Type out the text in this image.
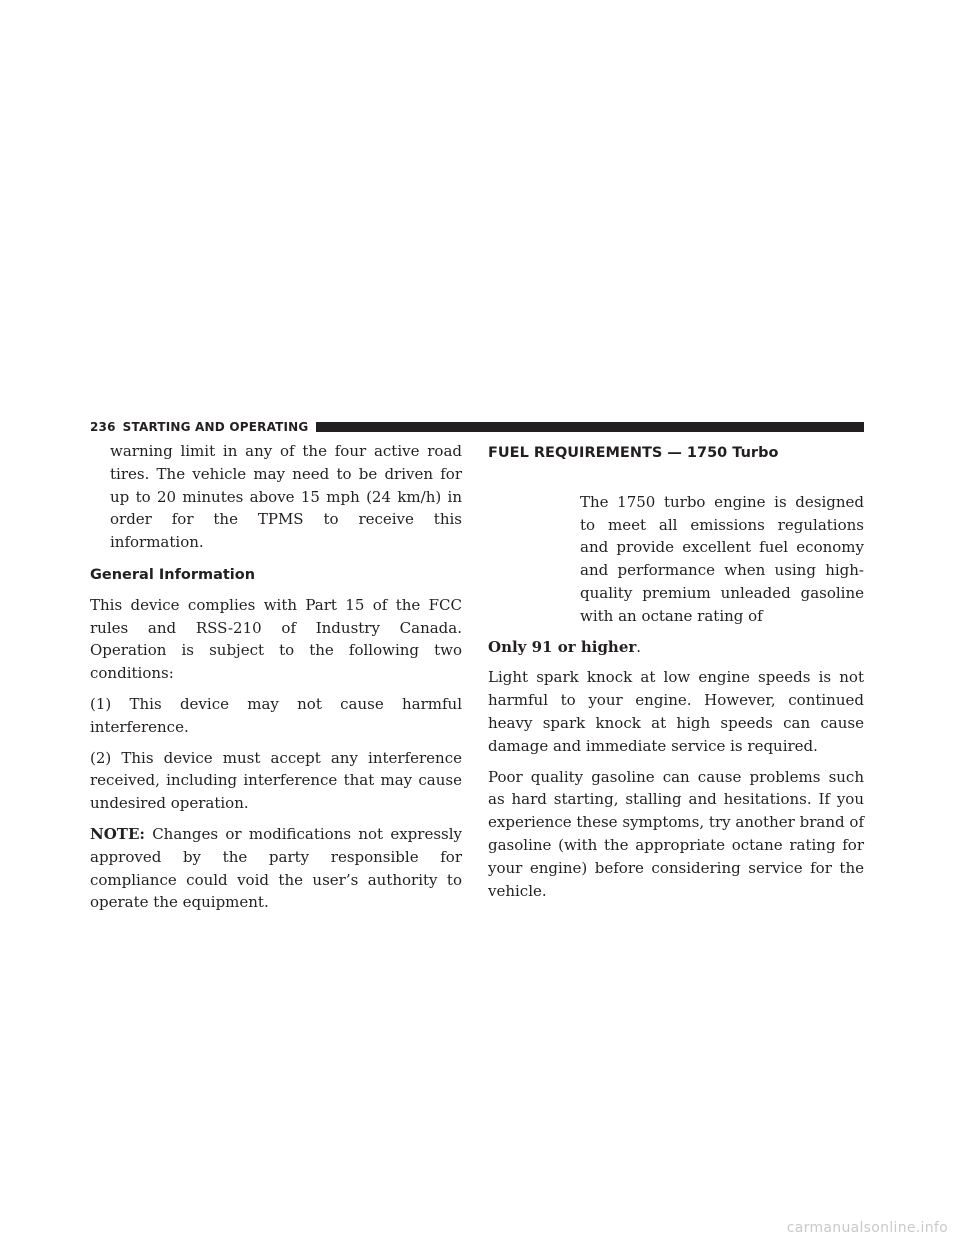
236 STARTING AND OPERATING

warning limit in any of the four active road tires. The vehicle may need to be driven for up to 20 minutes above 15 mph (24 km/h) in order for the TPMS to receive this information.

General Information

This device complies with Part 15 of the FCC rules and RSS-210 of Industry Canada. Operation is subject to the following two conditions:

(1) This device may not cause harmful interference.

(2) This device must accept any interference received, including interference that may cause undesired operation.

NOTE: Changes or modifications not expressly approved by the party responsible for compliance could void the user’s authority to operate the equipment.

FUEL REQUIREMENTS — 1750 Turbo

The 1750 turbo engine is designed to meet all emissions regulations and provide excellent fuel economy and performance when using high-quality premium unleaded gasoline with an octane rating of

Only 91 or higher.

Light spark knock at low engine speeds is not harmful to your engine. However, continued heavy spark knock at high speeds can cause damage and immediate service is required.

Poor quality gasoline can cause problems such as hard starting, stalling and hesitations. If you experience these symptoms, try another brand of gasoline (with the appropriate octane rating for your engine) before considering service for the vehicle.

carmanualsonline.info
